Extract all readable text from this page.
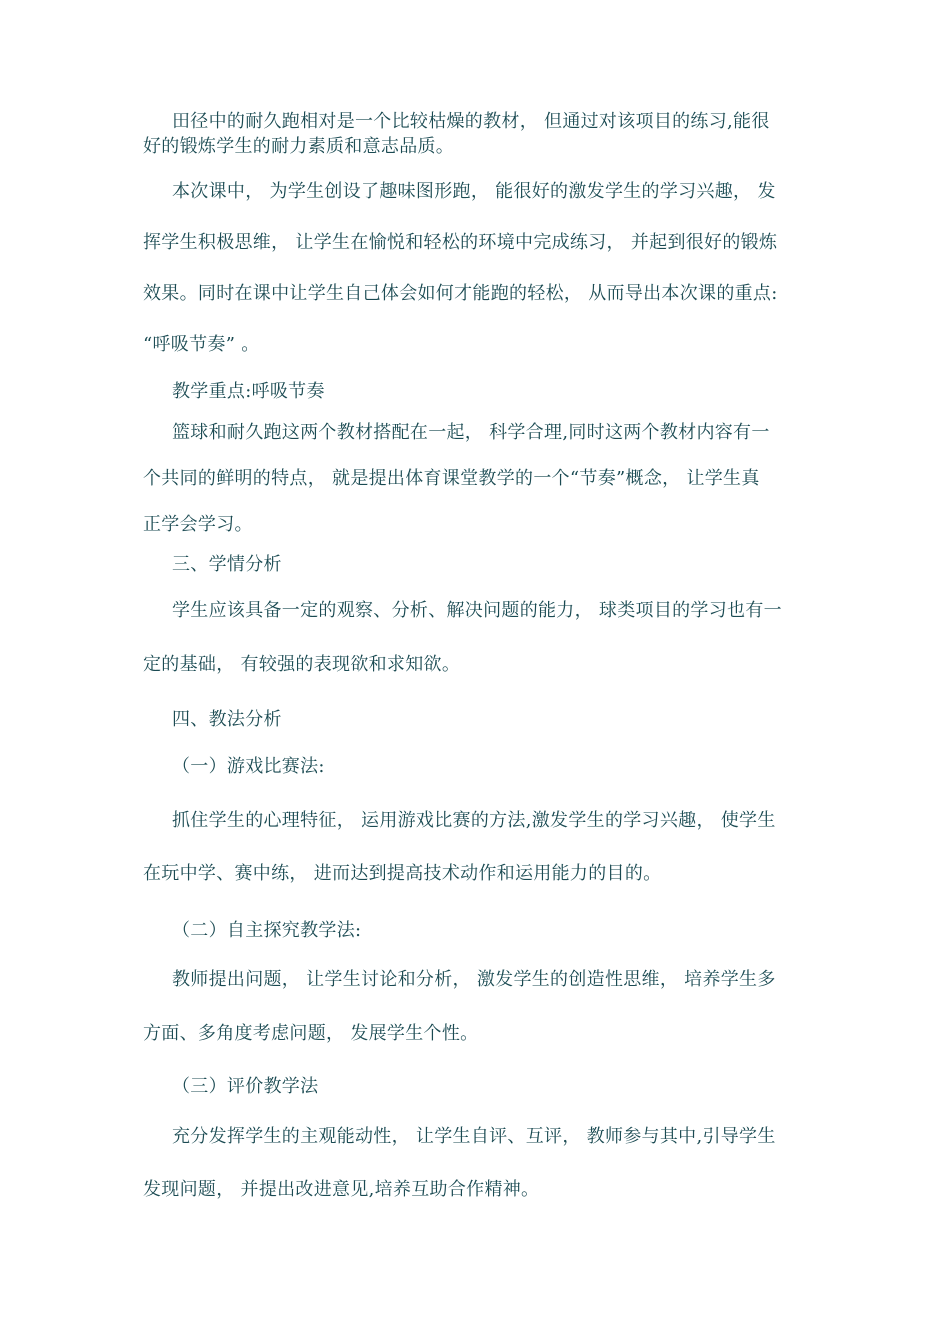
田径中的耐久跑相对是一个比较枯燥的教材， 但通过对该项目的练习,能很
好的锻炼学生的耐力素质和意志品质。
本次课中， 为学生创设了趣味图形跑， 能很好的激发学生的学习兴趣， 发
挥学生积极思维， 让学生在愉悦和轻松的环境中完成练习， 并起到很好的锻炼
效果。同时在课中让学生自己体会如何才能跑的轻松， 从而导出本次课的重点:
“呼吸节奏” 。
教学重点:呼吸节奏
篮球和耐久跑这两个教材搭配在一起， 科学合理,同时这两个教材内容有一
个共同的鲜明的特点， 就是提出体育课堂教学的一个“节奏”概念， 让学生真
正学会学习。
三、学情分析
学生应该具备一定的观察、分析、解决问题的能力， 球类项目的学习也有一
定的基础， 有较强的表现欲和求知欲。
四、教法分析
（一）游戏比赛法:
抓住学生的心理特征， 运用游戏比赛的方法,激发学生的学习兴趣， 使学生
在玩中学、赛中练， 进而达到提高技术动作和运用能力的目的。
（二）自主探究教学法:
教师提出问题， 让学生讨论和分析， 激发学生的创造性思维， 培养学生多
方面、多角度考虑问题， 发展学生个性。
（三）评价教学法
充分发挥学生的主观能动性， 让学生自评、互评， 教师参与其中,引导学生
发现问题， 并提出改进意见,培养互助合作精神。
